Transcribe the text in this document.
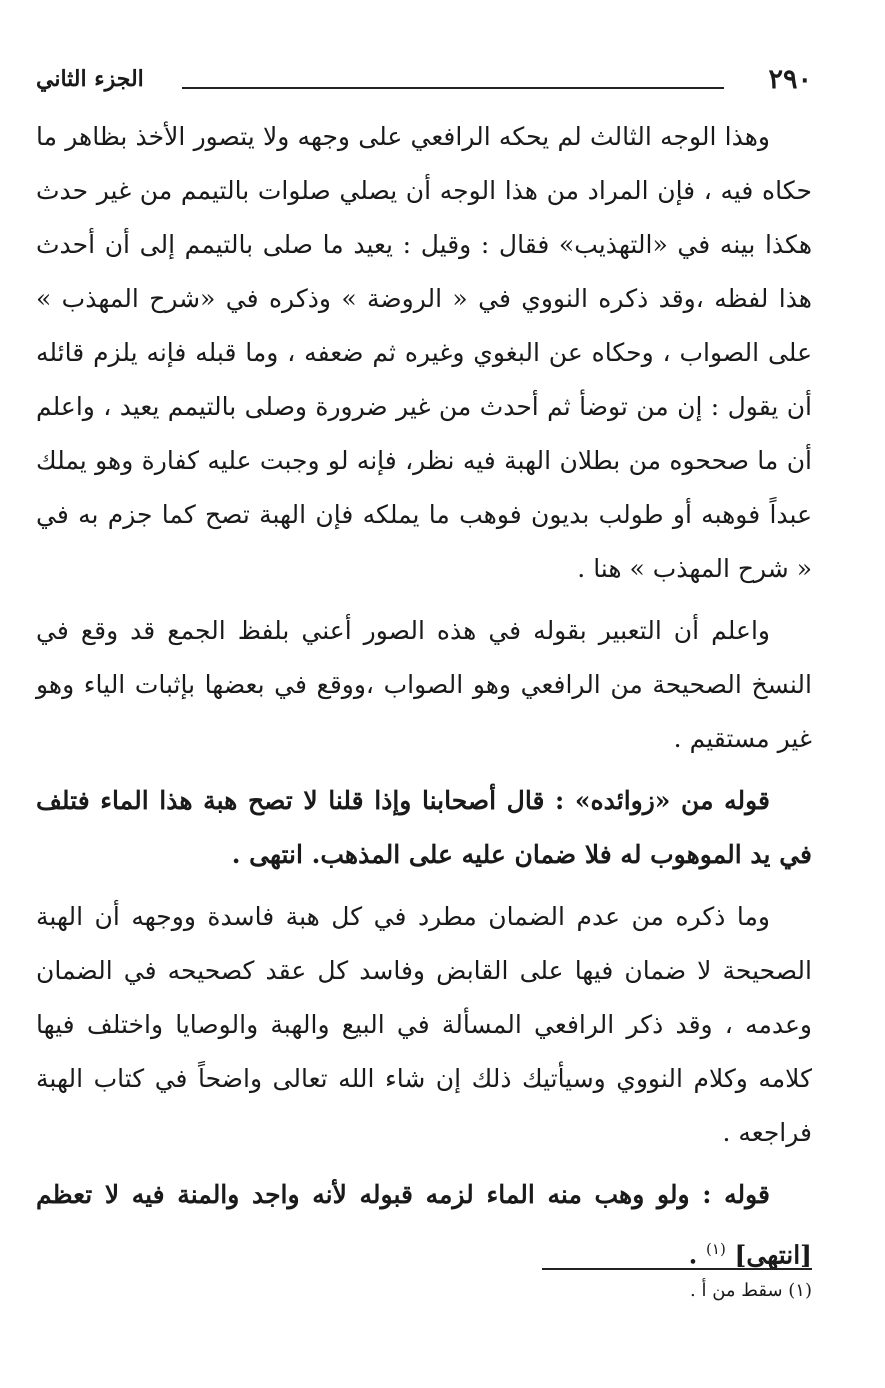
٢٩٠
الجزء الثاني

وهذا الوجه الثالث لم يحكه الرافعي على وجهه ولا يتصور الأخذ بظاهر ما حكاه فيه ، فإن المراد من هذا الوجه أن يصلي صلوات بالتيمم من غير حدث هكذا بينه في «التهذيب» فقال : وقيل : يعيد ما صلى بالتيمم إلى أن أحدث هذا لفظه ،وقد ذكره النووي في « الروضة » وذكره في «شرح المهذب » على الصواب ، وحكاه عن البغوي وغيره ثم ضعفه ، وما قبله فإنه يلزم قائله أن يقول : إن من توضأ ثم أحدث من غير ضرورة وصلى بالتيمم يعيد ، واعلم أن ما صححوه من بطلان الهبة فيه نظر، فإنه لو وجبت عليه كفارة وهو يملك عبداً فوهبه أو طولب بديون فوهب ما يملكه فإن الهبة تصح كما جزم به في « شرح المهذب » هنا .

واعلم أن التعبير بقوله في هذه الصور أعني بلفظ الجمع قد وقع في النسخ الصحيحة من الرافعي وهو الصواب ،ووقع في بعضها بإثبات الياء وهو غير مستقيم .

قوله من «زوائده» : قال أصحابنا وإذا قلنا لا تصح هبة هذا الماء فتلف في يد الموهوب له فلا ضمان عليه على المذهب. انتهى .

وما ذكره من عدم الضمان مطرد في كل هبة فاسدة ووجهه أن الهبة الصحيحة لا ضمان فيها على القابض وفاسد كل عقد كصحيحه في الضمان وعدمه ، وقد ذكر الرافعي المسألة في البيع والهبة والوصايا واختلف فيها كلامه وكلام النووي وسيأتيك ذلك إن شاء الله تعالى واضحاً في كتاب الهبة فراجعه .

قوله : ولو وهب منه الماء لزمه قبوله لأنه واجد والمنة فيه لا تعظم [انتهى] $^{(١)}$ .

(١) سقط من أ .
